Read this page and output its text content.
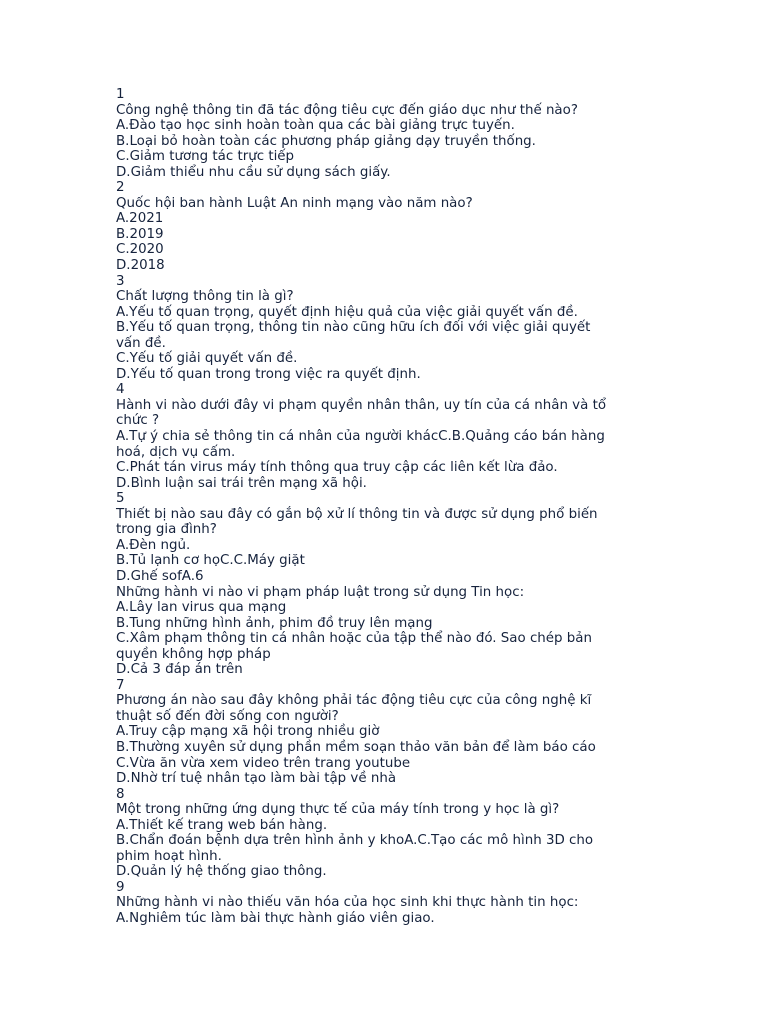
1
Công nghệ thông tin đã tác động tiêu cực đến giáo dục như thế nào?
A.Đào tạo học sinh hoàn toàn qua các bài giảng trực tuyến.
B.Loại bỏ hoàn toàn các phương pháp giảng dạy truyền thống.
C.Giảm tương tác trực tiếp
D.Giảm thiểu nhu cầu sử dụng sách giấy.
2
Quốc hội ban hành Luật An ninh mạng vào năm nào?
A.2021
B.2019
C.2020
D.2018
3
Chất lượng thông tin là gì?
A.Yếu tố quan trọng, quyết định hiệu quả của việc giải quyết vấn đề.
B.Yếu tố quan trọng, thông tin nào cũng hữu ích đối với việc giải quyết
vấn đề.
C.Yếu tố giải quyết vấn đề.
D.Yếu tố quan trong trong việc ra quyết định.
4
Hành vi nào dưới đây vi phạm quyền nhân thân, uy tín của cá nhân và tổ
chức ?
A.Tự ý chia sẻ thông tin cá nhân của người khácC.B.Quảng cáo bán hàng
hoá, dịch vụ cấm.
C.Phát tán virus máy tính thông qua truy cập các liên kết lừa đảo.
D.Bình luận sai trái trên mạng xã hội.
5
Thiết bị nào sau đây có gắn bộ xử lí thông tin và được sử dụng phổ biến
trong gia đình?
A.Đèn ngủ.
B.Tủ lạnh cơ họC.C.Máy giặt
D.Ghế sofA.6
Những hành vi nào vi phạm pháp luật trong sử dụng Tin học:
A.Lây lan virus qua mạng
B.Tung những hình ảnh, phim đồ truy lên mạng
C.Xâm phạm thông tin cá nhân hoặc của tập thể nào đó. Sao chép bản
quyền không hợp pháp
D.Cả 3 đáp án trên
7
Phương án nào sau đây không phải tác động tiêu cực của công nghệ kĩ
thuật số đến đời sống con người?
A.Truy cập mạng xã hội trong nhiều giờ
B.Thường xuyên sử dụng phần mềm soạn thảo văn bản để làm báo cáo
C.Vừa ăn vừa xem video trên trang youtube
D.Nhờ trí tuệ nhân tạo làm bài tập về nhà
8
Một trong những ứng dụng thực tế của máy tính trong y học là gì?
A.Thiết kế trang web bán hàng.
B.Chẩn đoán bệnh dựa trên hình ảnh y khoA.C.Tạo các mô hình 3D cho
phim hoạt hình.
D.Quản lý hệ thống giao thông.
9
Những hành vi nào thiếu văn hóa của học sinh khi thực hành tin học:
A.Nghiêm túc làm bài thực hành giáo viên giao.
